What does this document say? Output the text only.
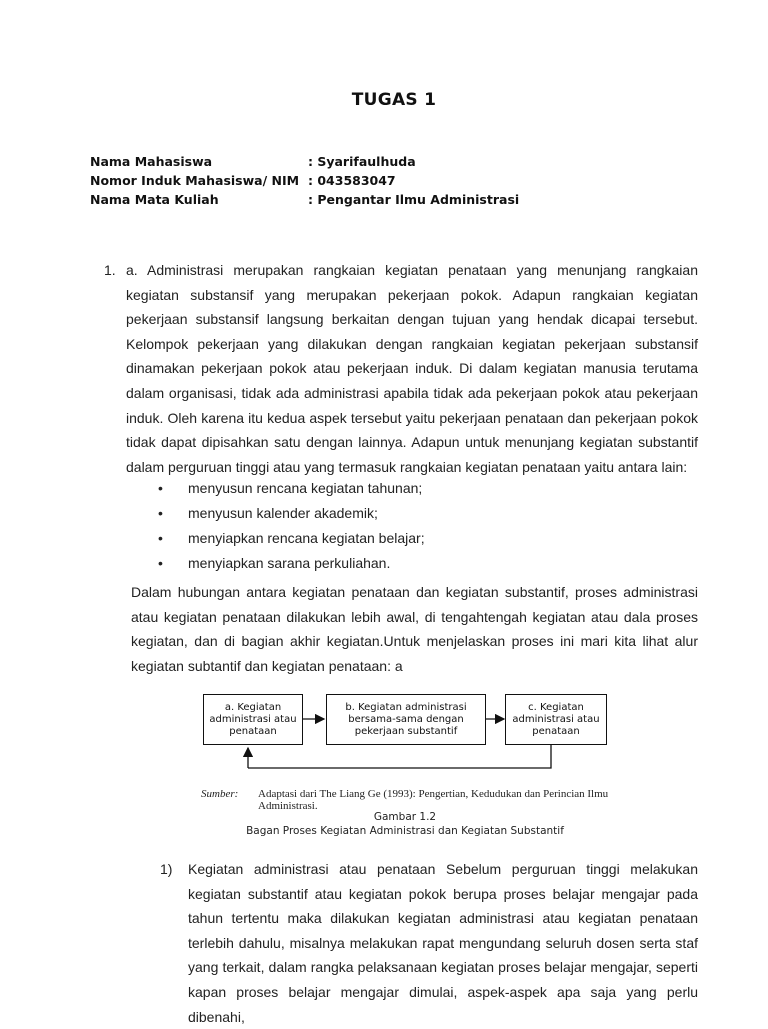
TUGAS 1
Nama Mahasiswa	: Syarifaulhuda
Nomor Induk Mahasiswa/ NIM : 043583047
Nama Mata Kuliah	: Pengantar Ilmu Administrasi
1. a. Administrasi merupakan rangkaian kegiatan penataan yang menunjang rangkaian kegiatan substansif yang merupakan pekerjaan pokok. Adapun rangkaian kegiatan pekerjaan substansif langsung berkaitan dengan tujuan yang hendak dicapai tersebut. Kelompok pekerjaan yang dilakukan dengan rangkaian kegiatan pekerjaan substansif dinamakan pekerjaan pokok atau pekerjaan induk. Di dalam kegiatan manusia terutama dalam organisasi, tidak ada administrasi apabila tidak ada pekerjaan pokok atau pekerjaan induk. Oleh karena itu kedua aspek tersebut yaitu pekerjaan penataan dan pekerjaan pokok tidak dapat dipisahkan satu dengan lainnya. Adapun untuk menunjang kegiatan substantif dalam perguruan tinggi atau yang termasuk rangkaian kegiatan penataan yaitu antara lain:
• menyusun rencana kegiatan tahunan;
• menyusun kalender akademik;
• menyiapkan rencana kegiatan belajar;
• menyiapkan sarana perkuliahan.
Dalam hubungan antara kegiatan penataan dan kegiatan substantif, proses administrasi atau kegiatan penataan dilakukan lebih awal, di tengahtengah kegiatan atau dala proses kegiatan, dan di bagian akhir kegiatan.Untuk menjelaskan proses ini mari kita lihat alur kegiatan subtantif dan kegiatan penataan: a
a. Kegiatan administrasi atau penataan
b. Kegiatan administrasi bersama-sama dengan pekerjaan substantif
c. Kegiatan administrasi atau penataan
Sumber: Adaptasi dari The Liang Ge (1993): Pengertian, Kedudukan dan Perincian Ilmu Administrasi.
Gambar 1.2
Bagan Proses Kegiatan Administrasi dan Kegiatan Substantif
1) Kegiatan administrasi atau penataan Sebelum perguruan tinggi melakukan kegiatan substantif atau kegiatan pokok berupa proses belajar mengajar pada tahun tertentu maka dilakukan kegiatan administrasi atau kegiatan penataan terlebih dahulu, misalnya melakukan rapat mengundang seluruh dosen serta staf yang terkait, dalam rangka pelaksanaan kegiatan proses belajar mengajar, seperti kapan proses belajar mengajar dimulai, aspek-aspek apa saja yang perlu dibenahi,
